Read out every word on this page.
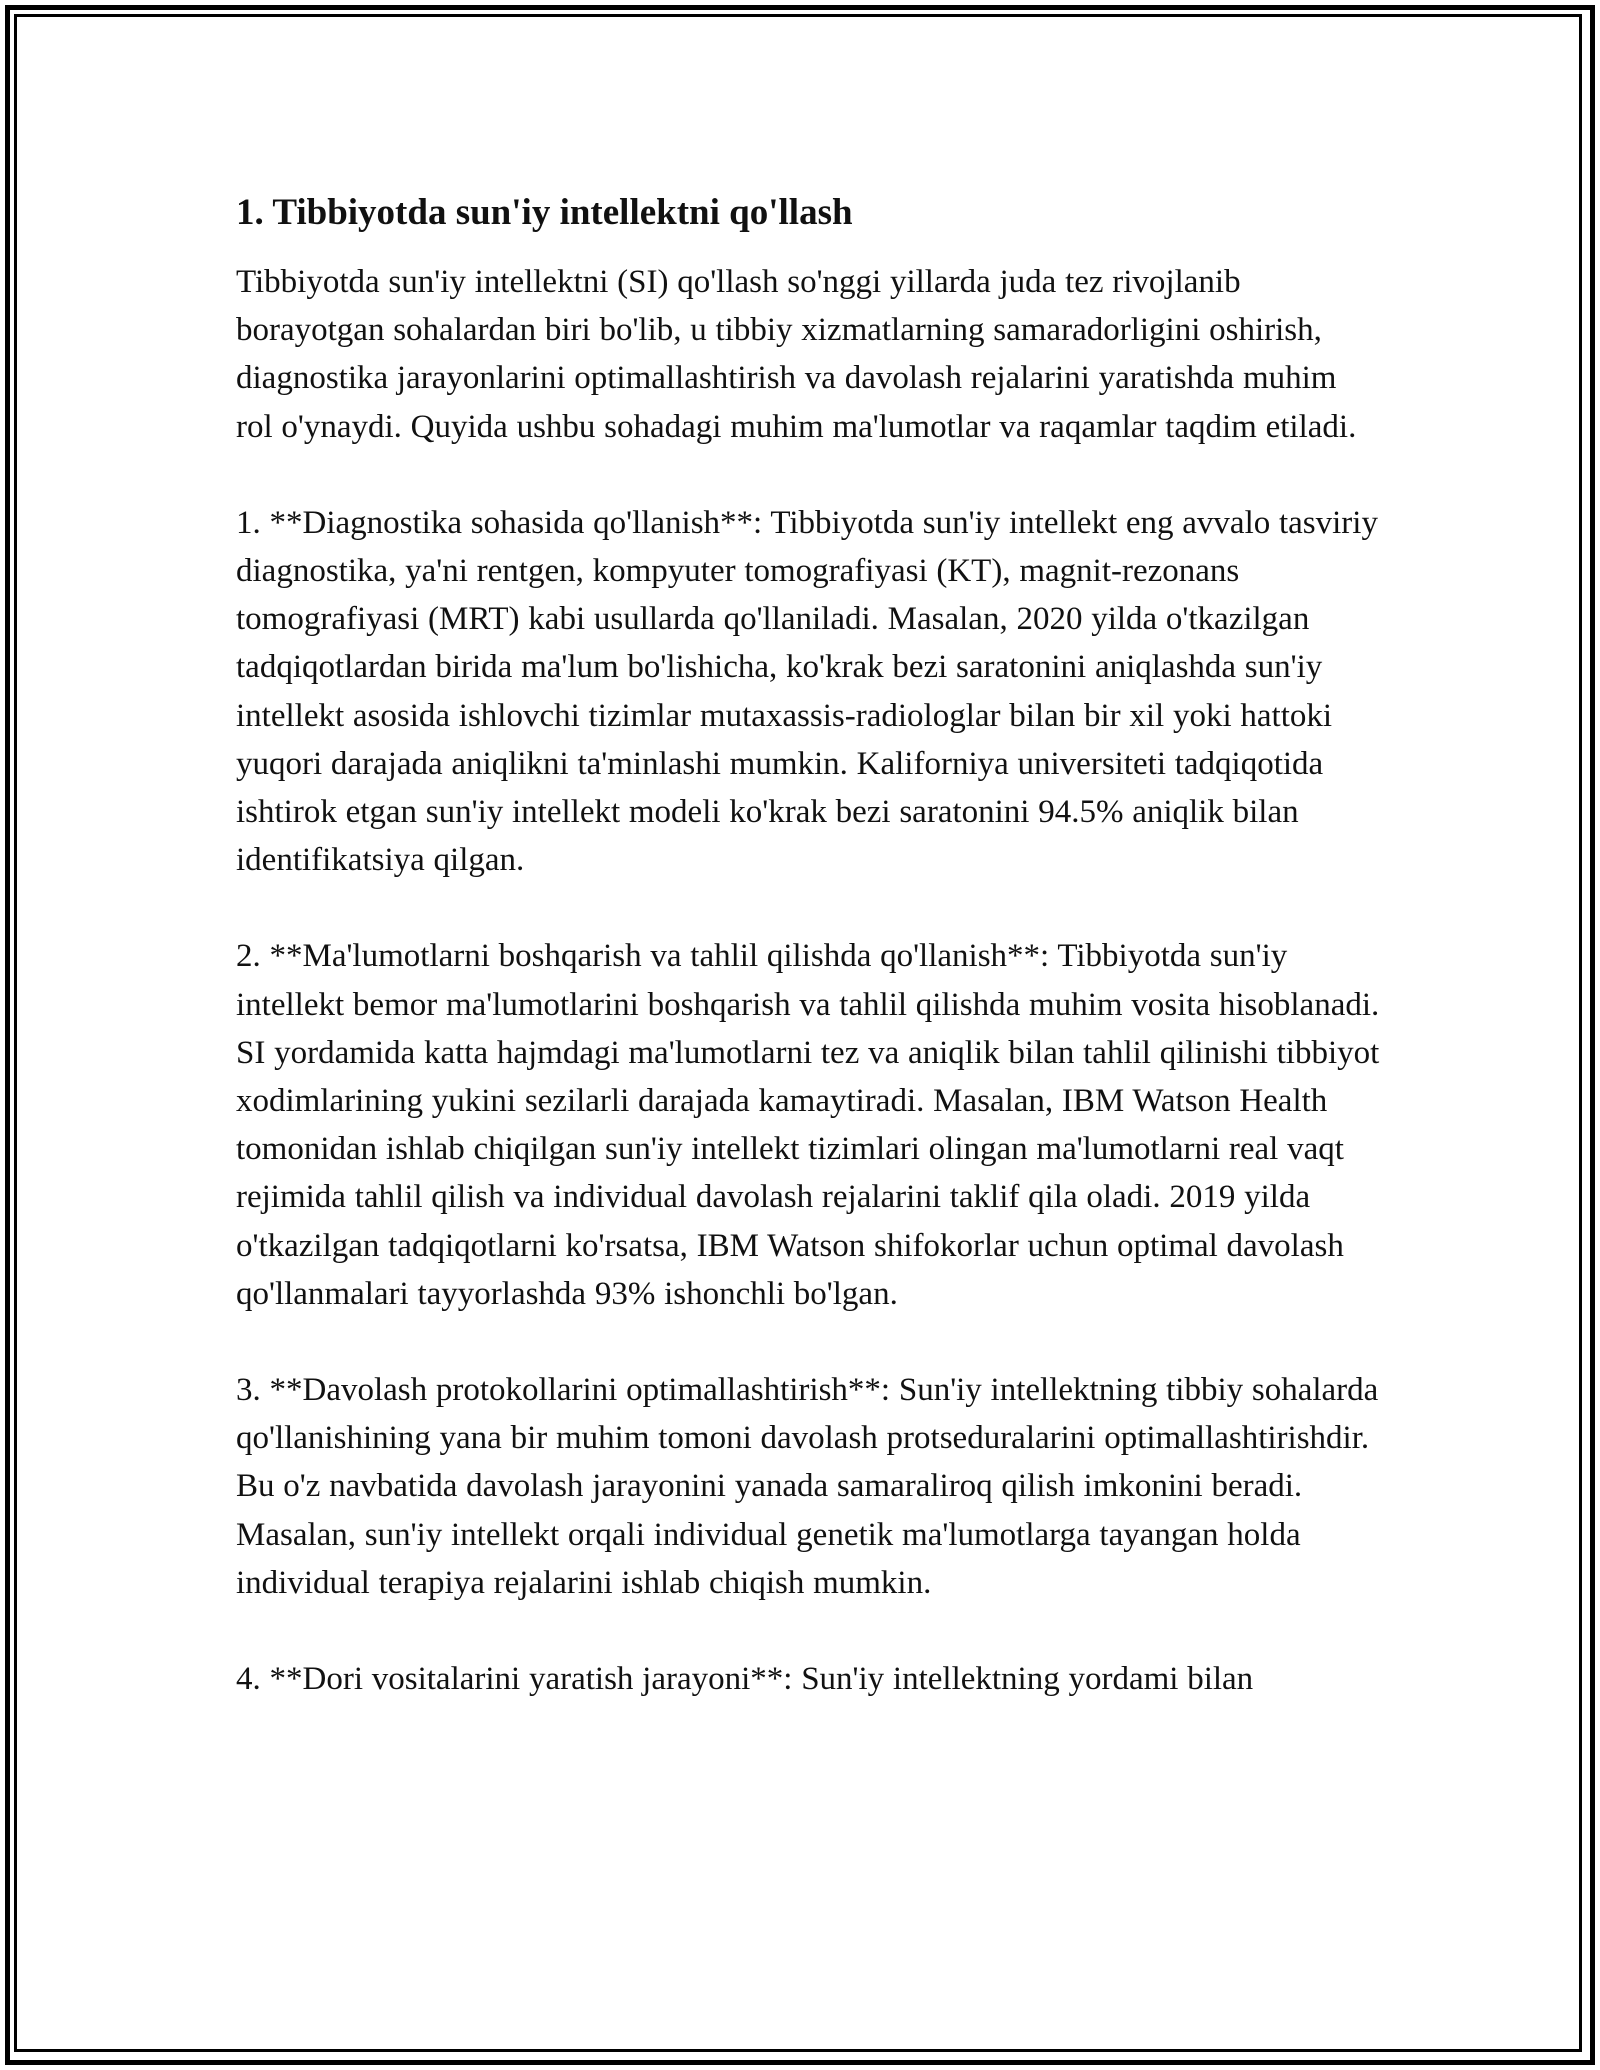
1. Tibbiyotda sun'iy intellektni qo'llash

Tibbiyotda sun'iy intellektni (SI) qo'llash so'nggi yillarda juda tez rivojlanib borayotgan sohalardan biri bo'lib, u tibbiy xizmatlarning samaradorligini oshirish, diagnostika jarayonlarini optimallashtirish va davolash rejalarini yaratishda muhim rol o'ynaydi. Quyida ushbu sohadagi muhim ma'lumotlar va raqamlar taqdim etiladi.

1. **Diagnostika sohasida qo'llanish**: Tibbiyotda sun'iy intellekt eng avvalo tasviriy diagnostika, ya'ni rentgen, kompyuter tomografiyasi (KT), magnit-rezonans tomografiyasi (MRT) kabi usullarda qo'llaniladi. Masalan, 2020 yilda o'tkazilgan tadqiqotlardan birida ma'lum bo'lishicha, ko'krak bezi saratonini aniqlashda sun'iy intellekt asosida ishlovchi tizimlar mutaxassis-radiologlar bilan bir xil yoki hattoki yuqori darajada aniqlikni ta'minlashi mumkin. Kaliforniya universiteti tadqiqotida ishtirok etgan sun'iy intellekt modeli ko'krak bezi saratonini 94.5% aniqlik bilan identifikatsiya qilgan.

2. **Ma'lumotlarni boshqarish va tahlil qilishda qo'llanish**: Tibbiyotda sun'iy intellekt bemor ma'lumotlarini boshqarish va tahlil qilishda muhim vosita hisoblanadi. SI yordamida katta hajmdagi ma'lumotlarni tez va aniqlik bilan tahlil qilinishi tibbiyot xodimlarining yukini sezilarli darajada kamaytiradi. Masalan, IBM Watson Health tomonidan ishlab chiqilgan sun'iy intellekt tizimlari olingan ma'lumotlarni real vaqt rejimida tahlil qilish va individual davolash rejalarini taklif qila oladi. 2019 yilda o'tkazilgan tadqiqotlarni ko'rsatsa, IBM Watson shifokorlar uchun optimal davolash qo'llanmalari tayyorlashda 93% ishonchli bo'lgan.

3. **Davolash protokollarini optimallashtirish**: Sun'iy intellektning tibbiy sohalarda qo'llanishining yana bir muhim tomoni davolash protseduralarini optimallashtirishdir. Bu o'z navbatida davolash jarayonini yanada samaraliroq qilish imkonini beradi. Masalan, sun'iy intellekt orqali individual genetik ma'lumotlarga tayangan holda individual terapiya rejalarini ishlab chiqish mumkin.

4. **Dori vositalarini yaratish jarayoni**: Sun'iy intellektning yordami bilan
